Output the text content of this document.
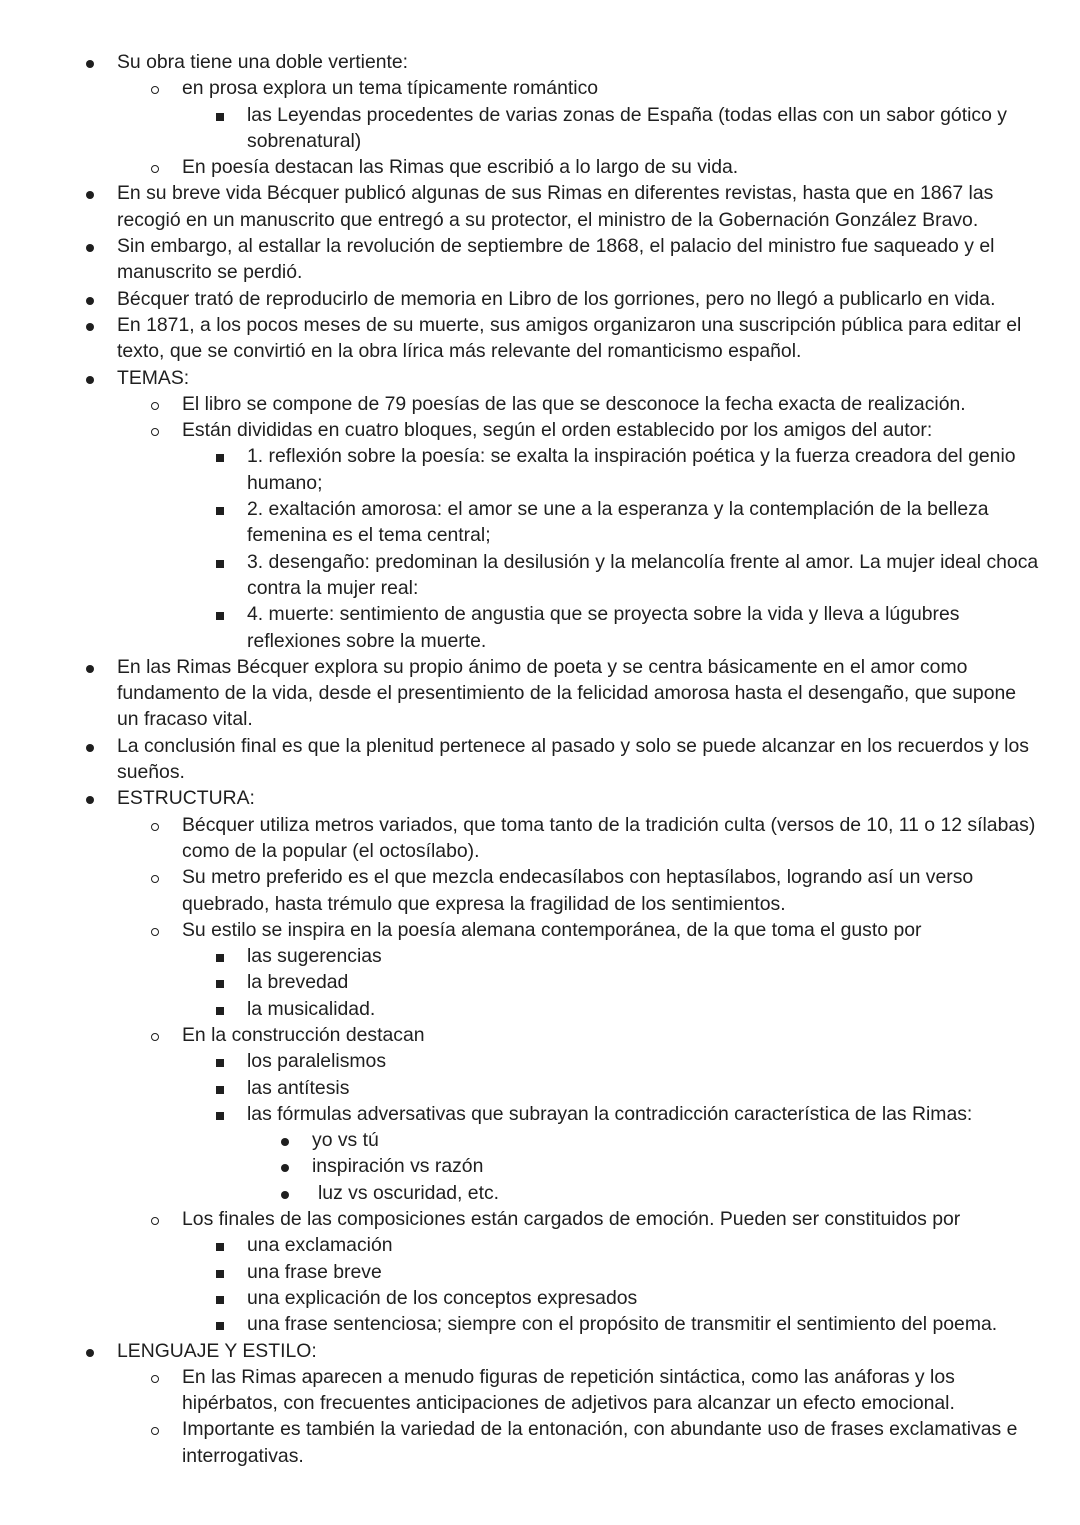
Su obra tiene una doble vertiente:
en prosa explora un tema típicamente romántico
las Leyendas procedentes de varias zonas de España (todas ellas con un sabor gótico y sobrenatural)
En poesía destacan las Rimas que escribió a lo largo de su vida.
En su breve vida Bécquer publicó algunas de sus Rimas en diferentes revistas, hasta que en 1867 las recogió en un manuscrito que entregó a su protector, el ministro de la Gobernación González Bravo.
Sin embargo, al estallar la revolución de septiembre de 1868, el palacio del ministro fue saqueado y el manuscrito se perdió.
Bécquer trató de reproducirlo de memoria en Libro de los gorriones, pero no llegó a publicarlo en vida.
En 1871, a los pocos meses de su muerte, sus amigos organizaron una suscripción pública para editar el texto, que se convirtió en la obra lírica más relevante del romanticismo español.
TEMAS:
El libro se compone de 79 poesías de las que se desconoce la fecha exacta de realización.
Están divididas en cuatro bloques, según el orden establecido por los amigos del autor:
1. reflexión sobre la poesía: se exalta la inspiración poética y la fuerza creadora del genio humano;
2. exaltación amorosa: el amor se une a la esperanza y la contemplación de la belleza femenina es el tema central;
3. desengaño: predominan la desilusión y la melancolía frente al amor. La mujer ideal choca contra la mujer real:
4. muerte: sentimiento de angustia que se proyecta sobre la vida y lleva a lúgubres reflexiones sobre la muerte.
En las Rimas Bécquer explora su propio ánimo de poeta y se centra básicamente en el amor como fundamento de la vida, desde el presentimiento de la felicidad amorosa hasta el desengaño, que supone un fracaso vital.
La conclusión final es que la plenitud pertenece al pasado y solo se puede alcanzar en los recuerdos y los sueños.
ESTRUCTURA:
Bécquer utiliza metros variados, que toma tanto de la tradición culta (versos de 10, 11 o 12 sílabas) como de la popular (el octosílabo).
Su metro preferido es el que mezcla endecasílabos con heptasílabos, logrando así un verso quebrado, hasta trémulo que expresa la fragilidad de los sentimientos.
Su estilo se inspira en la poesía alemana contemporánea, de la que toma el gusto por
las sugerencias
la brevedad
la musicalidad.
En la construcción destacan
los paralelismos
las antítesis
las fórmulas adversativas que subrayan la contradicción característica de las Rimas:
yo vs tú
inspiración vs razón
luz vs oscuridad, etc.
Los finales de las composiciones están cargados de emoción. Pueden ser constituidos por
una exclamación
una frase breve
una explicación de los conceptos expresados
una frase sentenciosa; siempre con el propósito de transmitir el sentimiento del poema.
LENGUAJE Y ESTILO:
En las Rimas aparecen a menudo figuras de repetición sintáctica, como las anáforas y los hipérbatos, con frecuentes anticipaciones de adjetivos para alcanzar un efecto emocional.
Importante es también la variedad de la entonación, con abundante uso de frases exclamativas e interrogativas.
